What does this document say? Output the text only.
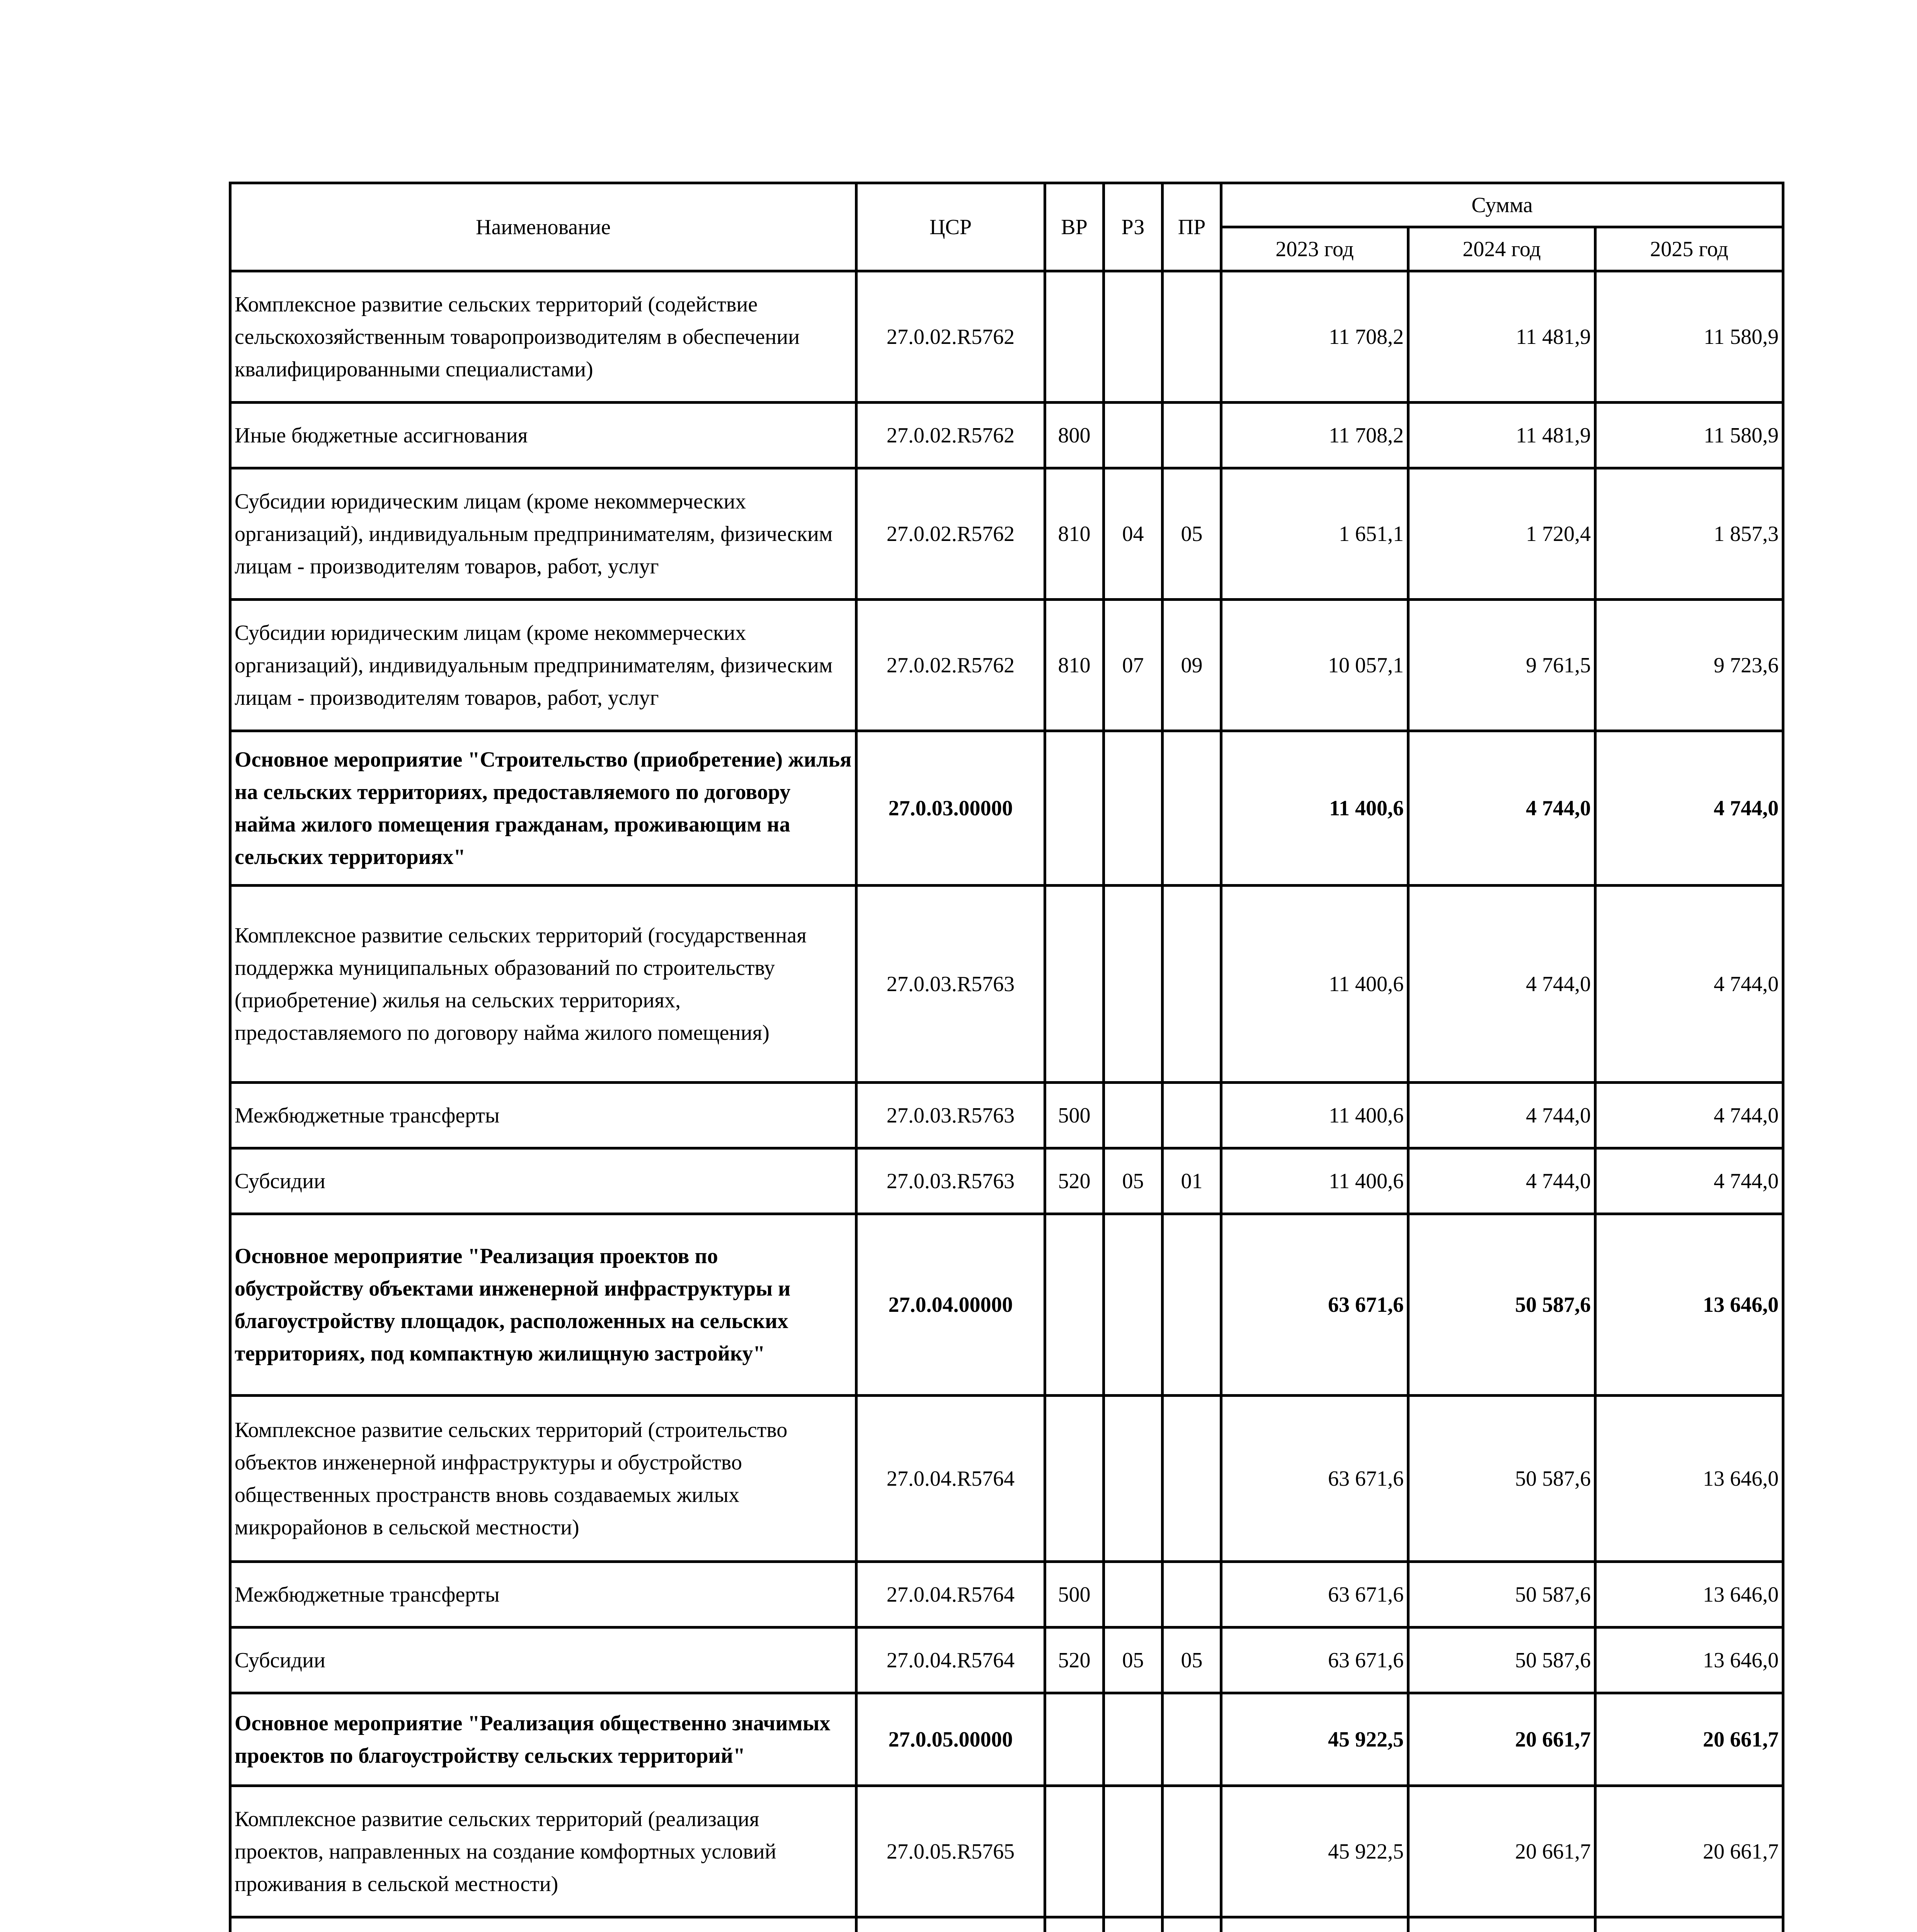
Наименование	ЦСР	ВР	РЗ	ПР	Сумма		
					2023 год	2024 год	2025 год
Комплексное развитие сельских территорий (содействие сельскохозяйственным товаропроизводителям в обеспечении квалифицированными специалистами)	27.0.02.R5762				11 708,2	11 481,9	11 580,9
Иные бюджетные ассигнования	27.0.02.R5762	800			11 708,2	11 481,9	11 580,9
Субсидии юридическим лицам (кроме некоммерческих организаций), индивидуальным предпринимателям, физическим лицам - производителям товаров, работ, услуг	27.0.02.R5762	810	04	05	1 651,1	1 720,4	1 857,3
Субсидии юридическим лицам (кроме некоммерческих организаций), индивидуальным предпринимателям, физическим лицам - производителям товаров, работ, услуг	27.0.02.R5762	810	07	09	10 057,1	9 761,5	9 723,6
Основное мероприятие "Строительство (приобретение) жилья на сельских территориях, предоставляемого по договору найма жилого помещения гражданам, проживающим на сельских территориях"	27.0.03.00000				11 400,6	4 744,0	4 744,0
Комплексное развитие сельских территорий (государственная поддержка муниципальных образований по строительству (приобретение) жилья на сельских территориях, предоставляемого по договору найма жилого помещения)	27.0.03.R5763				11 400,6	4 744,0	4 744,0
Межбюджетные трансферты	27.0.03.R5763	500			11 400,6	4 744,0	4 744,0
Субсидии	27.0.03.R5763	520	05	01	11 400,6	4 744,0	4 744,0
Основное мероприятие "Реализация проектов по обустройству объектами инженерной инфраструктуры и благоустройству площадок, расположенных на сельских территориях, под компактную жилищную застройку"	27.0.04.00000				63 671,6	50 587,6	13 646,0
Комплексное развитие сельских территорий (строительство объектов инженерной инфраструктуры и обустройство общественных пространств вновь создаваемых жилых микрорайонов в сельской местности)	27.0.04.R5764				63 671,6	50 587,6	13 646,0
Межбюджетные трансферты	27.0.04.R5764	500			63 671,6	50 587,6	13 646,0
Субсидии	27.0.04.R5764	520	05	05	63 671,6	50 587,6	13 646,0
Основное мероприятие "Реализация общественно значимых проектов по благоустройству сельских территорий"	27.0.05.00000				45 922,5	20 661,7	20 661,7
Комплексное развитие сельских территорий (реализация проектов, направленных на создание комфортных условий проживания в сельской местности)	27.0.05.R5765				45 922,5	20 661,7	20 661,7
